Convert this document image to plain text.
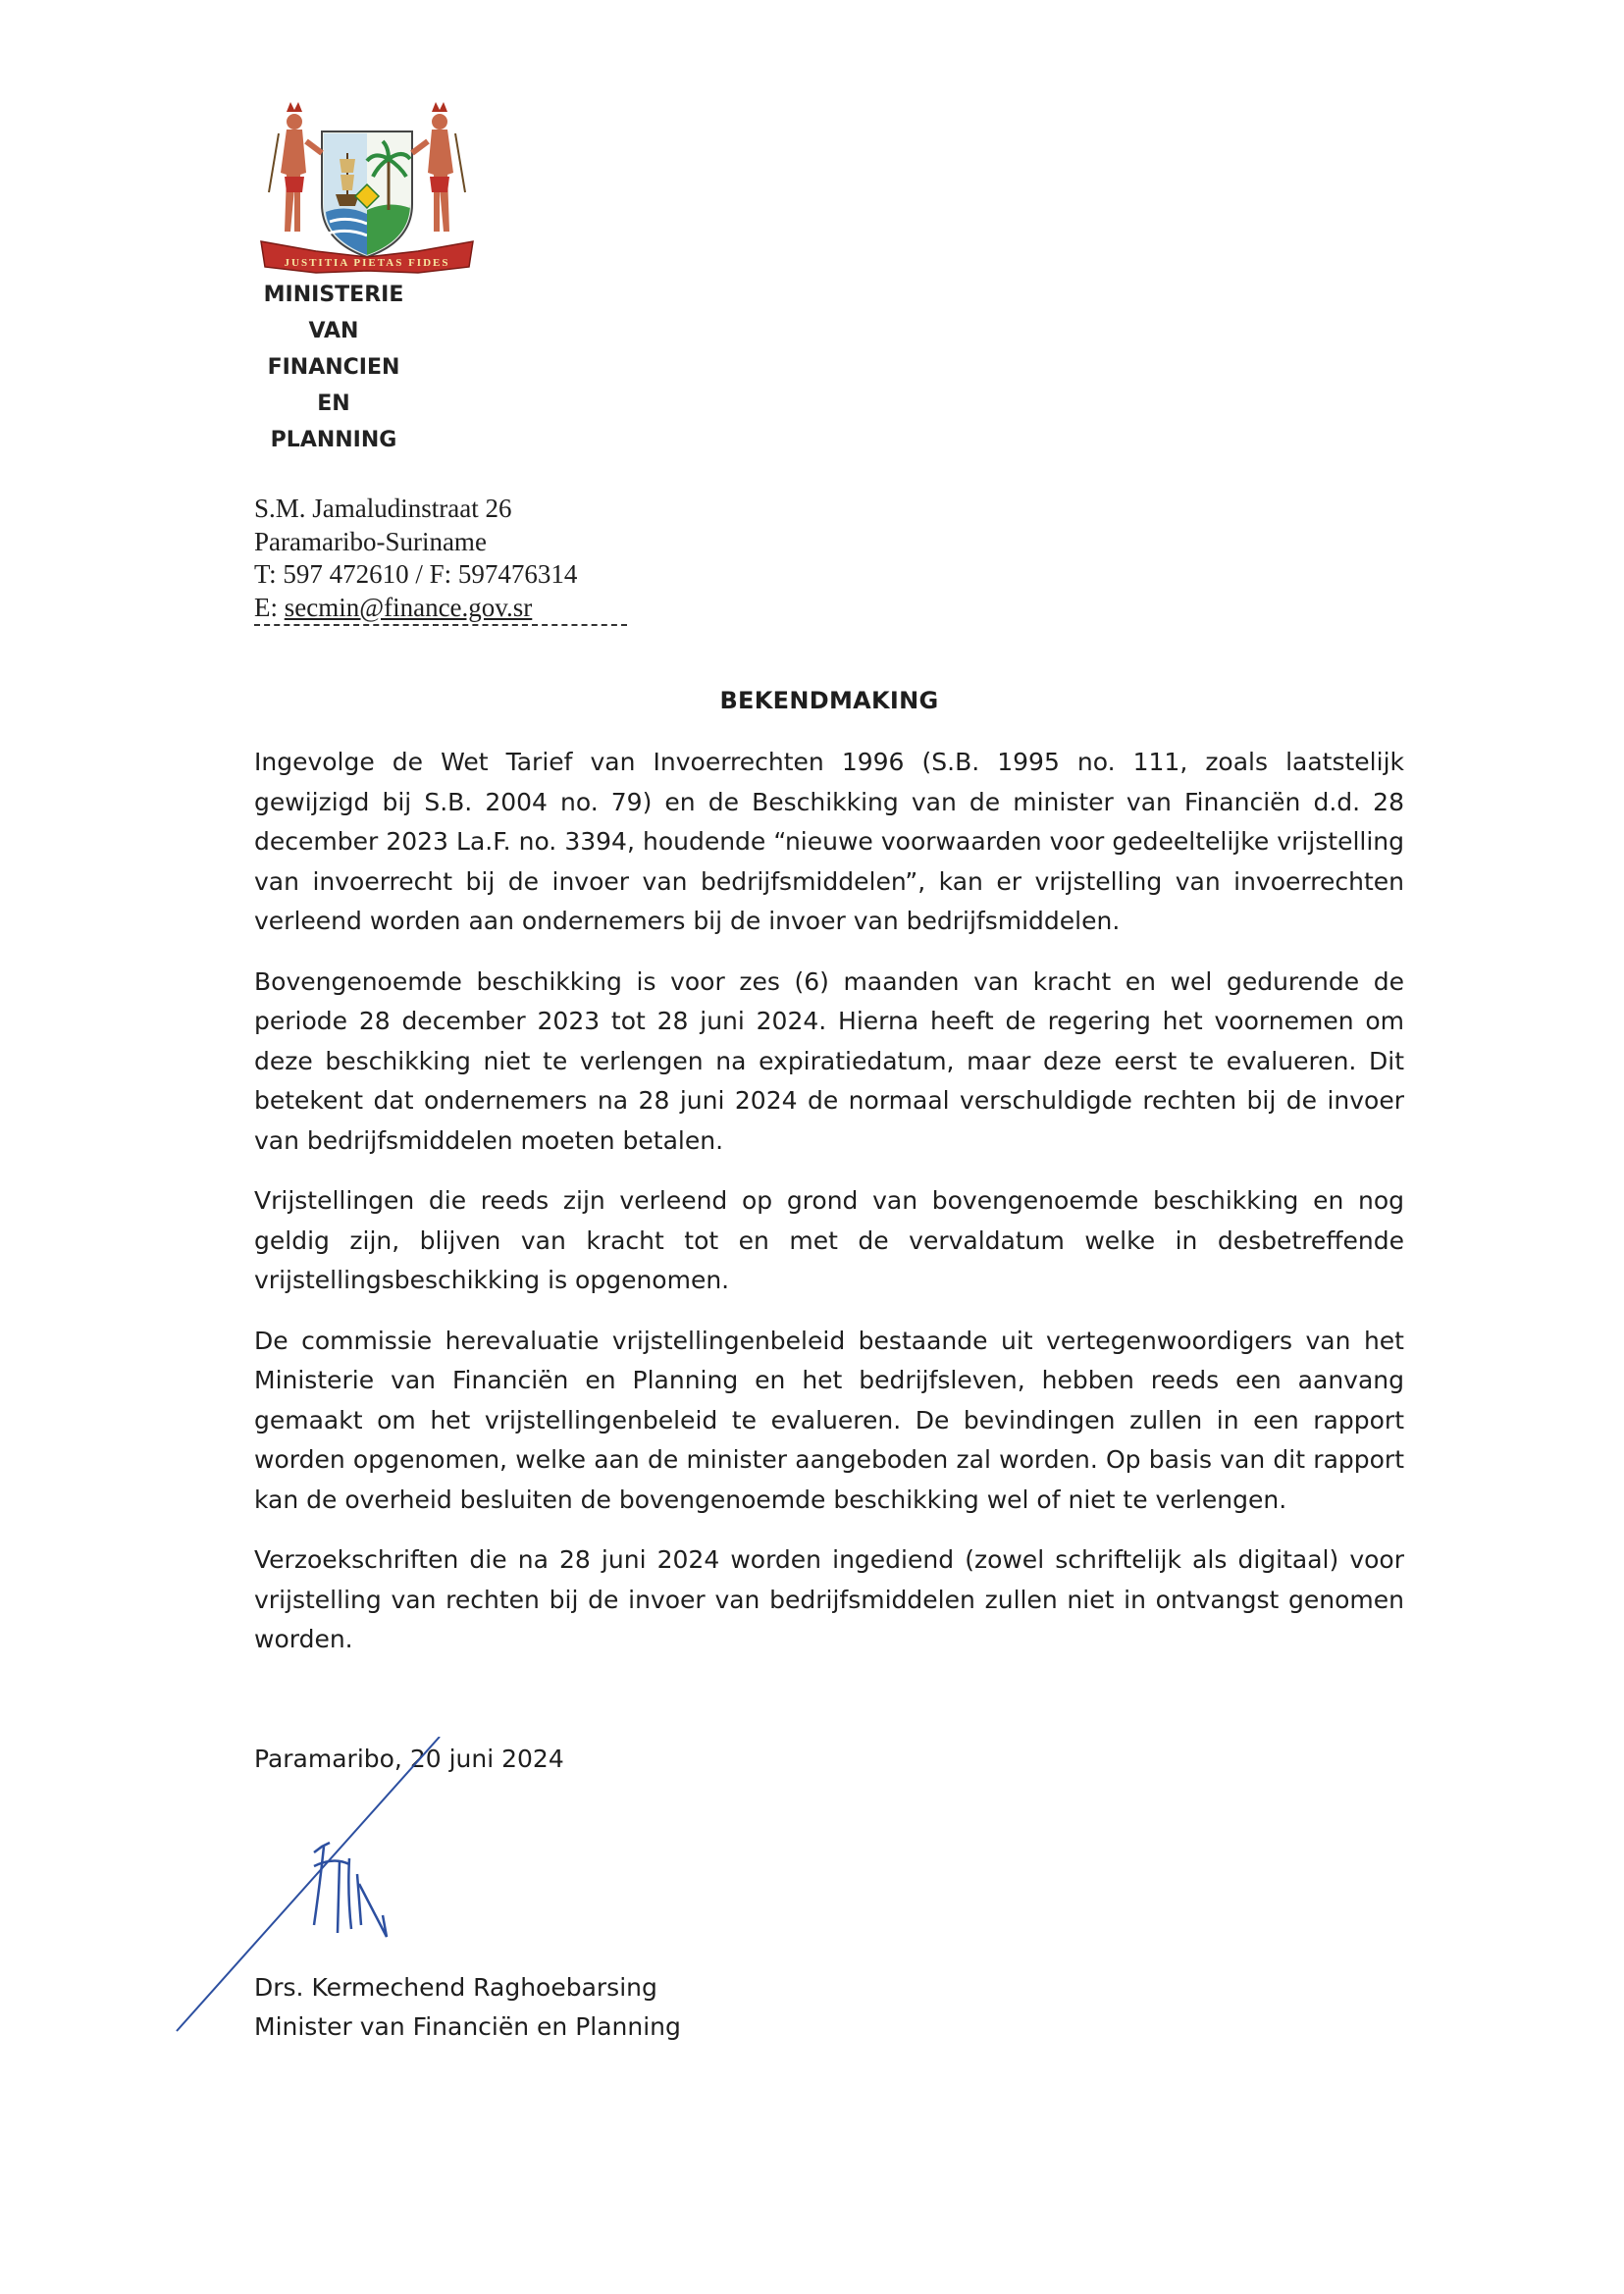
JUSTITIA PIETAS FIDES
MINISTERIE
VAN
FINANCIEN
EN
PLANNING
S.M. Jamaludinstraat 26
Paramaribo-Suriname
T: 597 472610 / F: 597476314
E: secmin@finance.gov.sr
BEKENDMAKING

Ingevolge de Wet Tarief van Invoerrechten 1996 (S.B. 1995 no. 111, zoals laatstelijk gewijzigd bij S.B. 2004 no. 79) en de Beschikking van de minister van Financiën d.d. 28 december 2023 La.F. no. 3394, houdende “nieuwe voorwaarden voor gedeeltelijke vrijstelling van invoerrecht bij de invoer van bedrijfsmiddelen”, kan er vrijstelling van invoerrechten verleend worden aan ondernemers bij de invoer van bedrijfsmiddelen.

Bovengenoemde beschikking is voor zes (6) maanden van kracht en wel gedurende de periode 28 december 2023 tot 28 juni 2024. Hierna heeft de regering het voornemen om deze beschikking niet te verlengen na expiratiedatum, maar deze eerst te evalueren. Dit betekent dat ondernemers na 28 juni 2024 de normaal verschuldigde rechten bij de invoer van bedrijfsmiddelen moeten betalen.

Vrijstellingen die reeds zijn verleend op grond van bovengenoemde beschikking en nog geldig zijn, blijven van kracht tot en met de vervaldatum welke in desbetreffende vrijstellingsbeschikking is opgenomen.

De commissie herevaluatie vrijstellingenbeleid bestaande uit vertegenwoordigers van het Ministerie van Financiën en Planning en het bedrijfsleven, hebben reeds een aanvang gemaakt om het vrijstellingenbeleid te evalueren. De bevindingen zullen in een rapport worden opgenomen, welke aan de minister aangeboden zal worden. Op basis van dit rapport kan de overheid besluiten de bovengenoemde beschikking wel of niet te verlengen.

Verzoekschriften die na 28 juni 2024 worden ingediend (zowel schriftelijk als digitaal) voor vrijstelling van rechten bij de invoer van bedrijfsmiddelen zullen niet in ontvangst genomen worden.

Paramaribo, 20 juni 2024
Drs. Kermechend Raghoebarsing
Minister van Financiën en Planning
